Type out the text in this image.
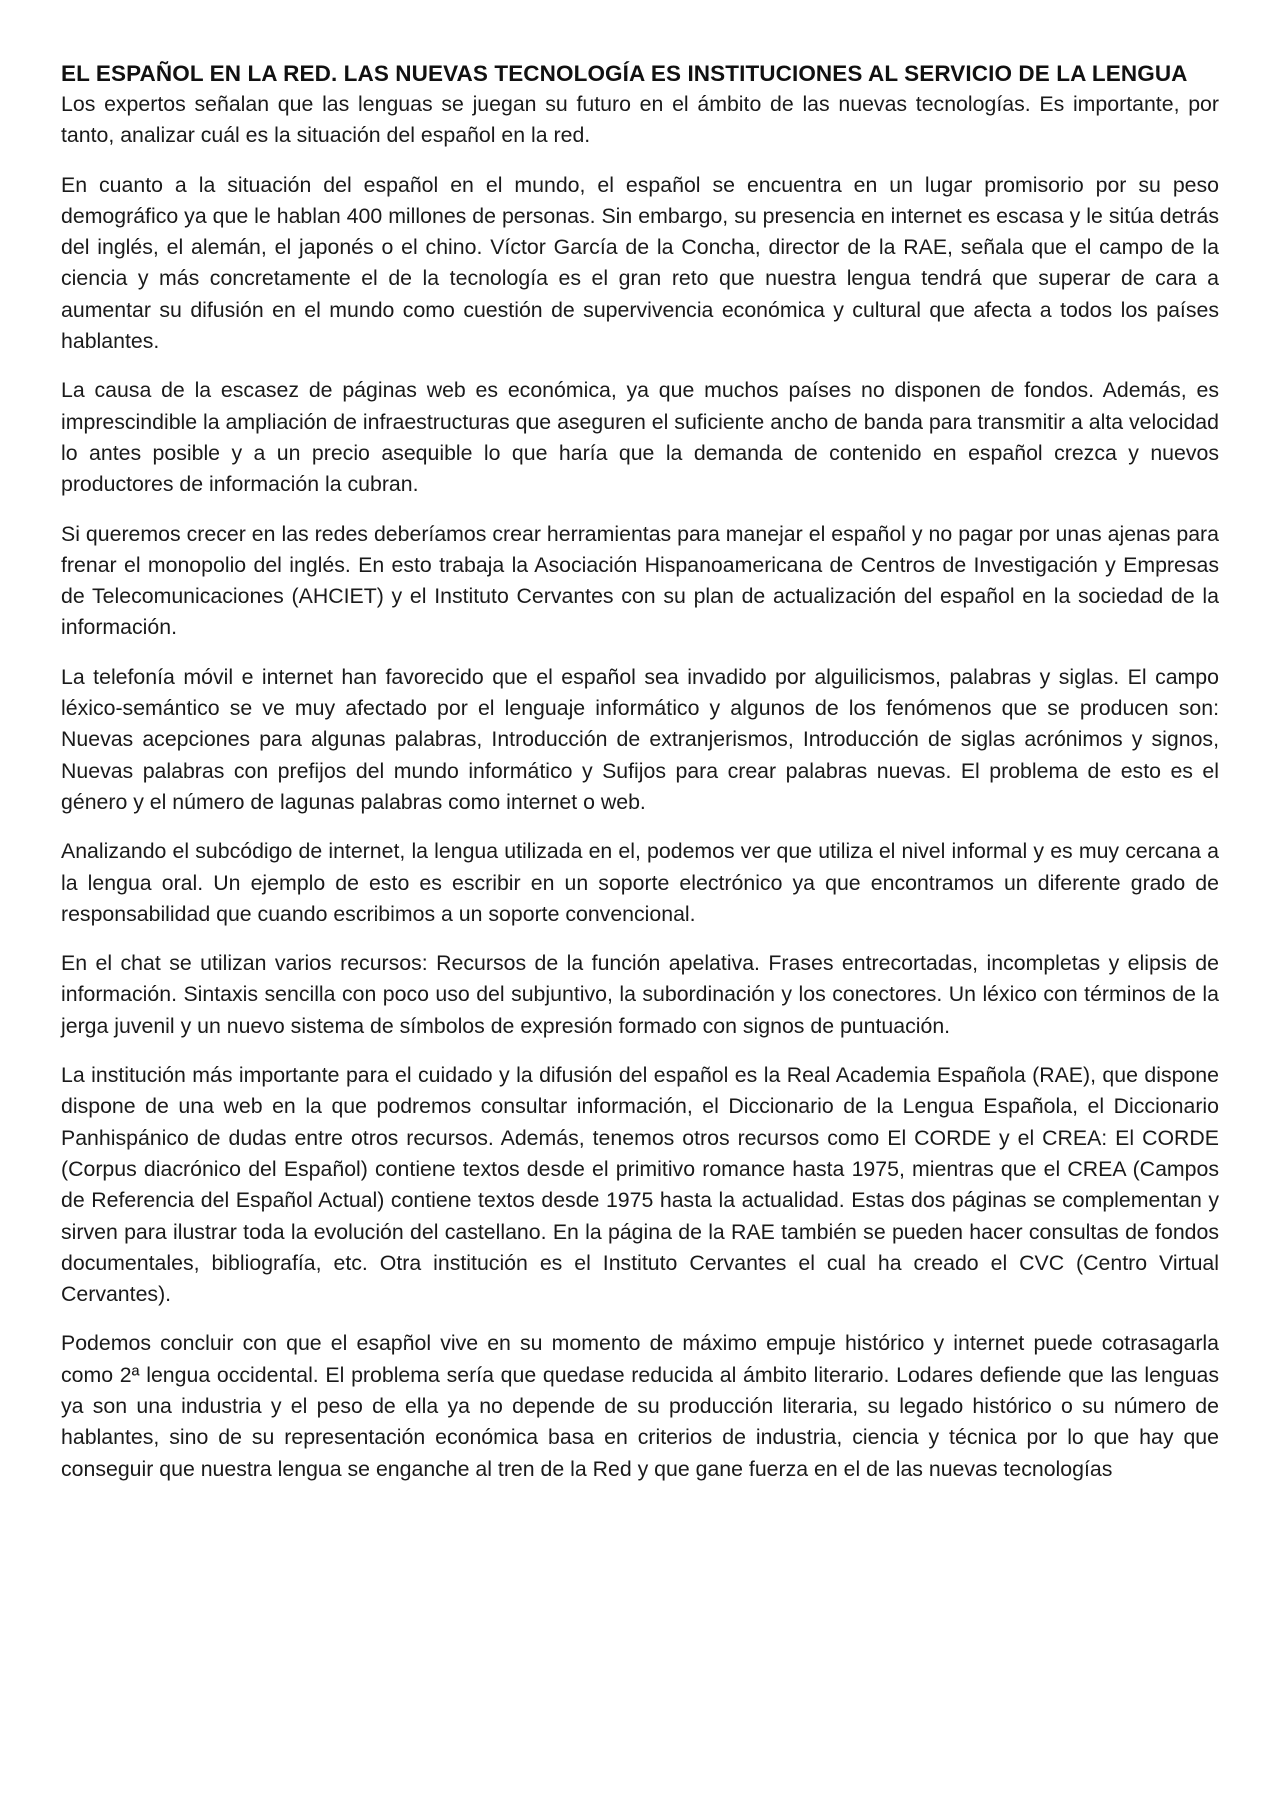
EL ESPAÑOL EN LA RED. LAS NUEVAS TECNOLOGÍA ES INSTITUCIONES AL SERVICIO DE LA LENGUA

Los expertos señalan que las lenguas se juegan su futuro en el ámbito de las nuevas tecnologías. Es importante, por tanto, analizar cuál es la situación del español en la red.

En cuanto a la situación del español en el mundo, el español se encuentra en un lugar promisorio por su peso demográfico ya que le hablan 400 millones de personas. Sin embargo, su presencia en internet es escasa y le sitúa detrás del inglés, el alemán, el japonés o el chino. Víctor García de la Concha, director de la RAE, señala que el campo de la ciencia y más concretamente el de la tecnología es el gran reto que nuestra lengua tendrá que superar de cara a aumentar su difusión en el mundo como cuestión de supervivencia económica y cultural que afecta a todos los países hablantes.

La causa de la escasez de páginas web es económica, ya que muchos países no disponen de fondos. Además, es imprescindible la ampliación de infraestructuras que aseguren el suficiente ancho de banda para transmitir a alta velocidad lo antes posible y a un precio asequible lo que haría que la demanda de contenido en español crezca y nuevos productores de información la cubran.

Si queremos crecer en las redes deberíamos crear herramientas para manejar el español y no pagar por unas ajenas para frenar el monopolio del inglés. En esto trabaja la Asociación Hispanoamericana de Centros de Investigación y Empresas de Telecomunicaciones (AHCIET) y el Instituto Cervantes con su plan de actualización del español en la sociedad de la información.

La telefonía móvil e internet han favorecido que el español sea invadido por alguilicismos, palabras y siglas. El campo léxico-semántico se ve muy afectado por el lenguaje informático y algunos de los fenómenos que se producen son: Nuevas acepciones para algunas palabras, Introducción de extranjerismos, Introducción de siglas acrónimos y signos, Nuevas palabras con prefijos del mundo informático y Sufijos para crear palabras nuevas. El problema de esto es el género y el número de lagunas palabras como internet o web.

Analizando el subcódigo de internet, la lengua utilizada en el, podemos ver que utiliza el nivel informal y es muy cercana a la lengua oral. Un ejemplo de esto es escribir en un soporte electrónico ya que encontramos un diferente grado de responsabilidad que cuando escribimos a un soporte convencional.

En el chat se utilizan varios recursos: Recursos de la función apelativa. Frases entrecortadas, incompletas y elipsis de información. Sintaxis sencilla con poco uso del subjuntivo, la subordinación y los conectores. Un léxico con términos de la jerga juvenil y un nuevo sistema de símbolos de expresión formado con signos de puntuación.

La institución más importante para el cuidado y la difusión del español es la Real Academia Española (RAE), que dispone dispone de una web en la que podremos consultar información, el Diccionario de la Lengua Española, el Diccionario Panhispánico de dudas entre otros recursos. Además, tenemos otros recursos como El CORDE y el CREA: El CORDE (Corpus diacrónico del Español) contiene textos desde el primitivo romance hasta 1975, mientras que el CREA (Campos de Referencia del Español Actual) contiene textos desde 1975 hasta la actualidad. Estas dos páginas se complementan y sirven para ilustrar toda la evolución del castellano. En la página de la RAE también se pueden hacer consultas de fondos documentales, bibliografía, etc. Otra institución es el Instituto Cervantes el cual ha creado el CVC (Centro Virtual Cervantes).

Podemos concluir con que el esapñol vive en su momento de máximo empuje histórico y internet puede cotrasagarla como 2ª lengua occidental. El problema sería que quedase reducida al ámbito literario. Lodares defiende que las lenguas ya son una industria y el peso de ella ya no depende de su producción literaria, su legado histórico o su número de hablantes, sino de su representación económica basa en criterios de industria, ciencia y técnica por lo que hay que conseguir que nuestra lengua se enganche al tren de la Red y que gane fuerza en el de las nuevas tecnologías
